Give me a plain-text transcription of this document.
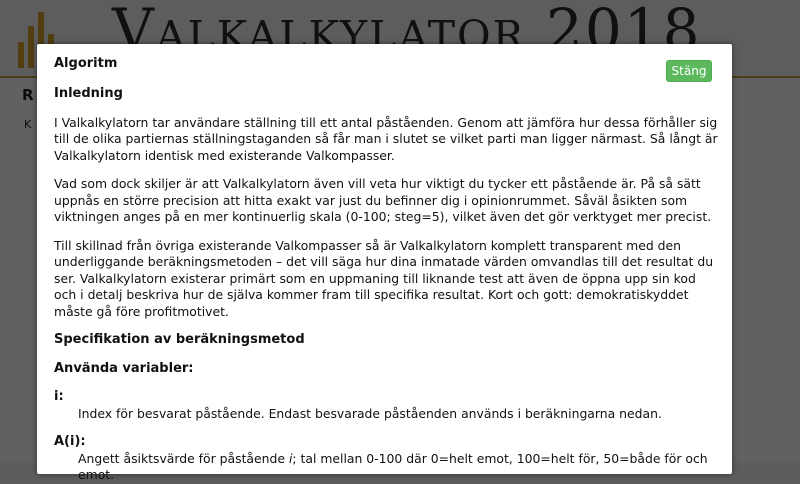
Stäng
Algoritm
Inledning

I Valkalkylatorn tar användare ställning till ett antal påståenden. Genom att jämföra hur dessa förhåller sig till de olika partiernas ställningstaganden så får man i slutet se vilket parti man ligger närmast. Så långt är Valkalkylatorn identisk med existerande Valkompasser.

Vad som dock skiljer är att Valkalkylatorn även vill veta hur viktigt du tycker ett påstående är. På så sätt uppnås en större precision att hitta exakt var just du befinner dig i opinionrummet. Såväl åsikten som viktningen anges på en mer kontinuerlig skala (0-100; steg=5), vilket även det gör verktyget mer precist.

Till skillnad från övriga existerande Valkompasser så är Valkalkylatorn komplett transparent med den underliggande beräkningsmetoden – det vill säga hur dina inmatade värden omvandlas till det resultat du ser. Valkalkylatorn existerar primärt som en uppmaning till liknande test att även de öppna upp sin kod och i detalj beskriva hur de själva kommer fram till specifika resultat. Kort och gott: demokratiskyddet måste gå före profitmotivet.

Specifikation av beräkningsmetod
Använda variabler:
i:
Index för besvarat påstående. Endast besvarade påståenden används i beräkningarna nedan.
A(i):
Angett åsiktsvärde för påstående i; tal mellan 0-100 där 0=helt emot, 100=helt för, 50=både för och emot.
